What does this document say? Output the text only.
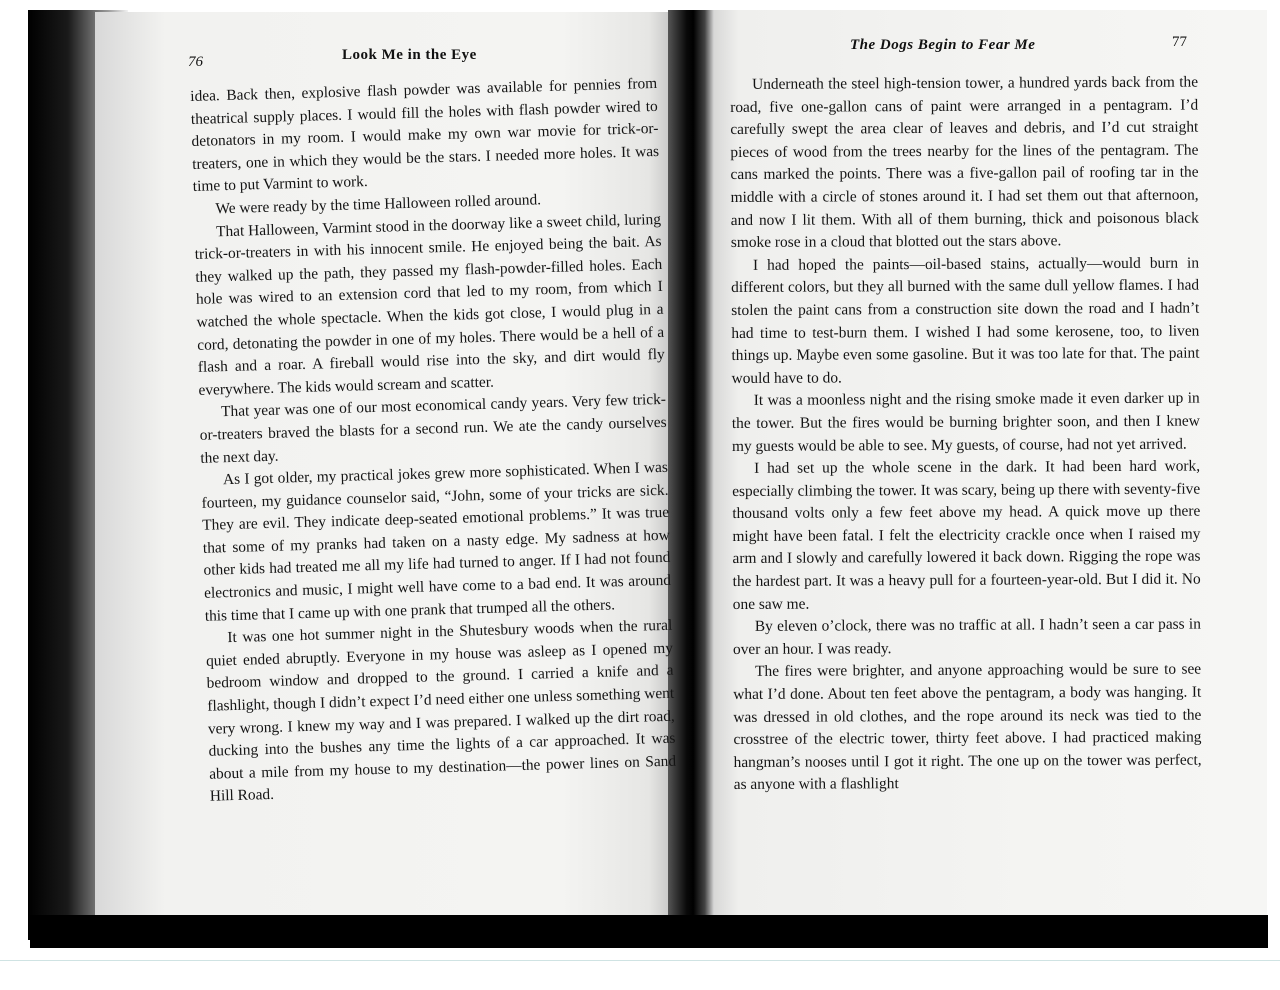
76	Look Me in the Eye
The Dogs Begin to Fear Me	77

idea. Back then, explosive flash powder was available for pennies from theatrical supply places. I would fill the holes with flash powder wired to detonators in my room. I would make my own war movie for trick-or-treaters, one in which they would be the stars. I needed more holes. It was time to put Varmint to work.

We were ready by the time Halloween rolled around.

That Halloween, Varmint stood in the doorway like a sweet child, luring trick-or-treaters in with his innocent smile. He enjoyed being the bait. As they walked up the path, they passed my flash-powder-filled holes. Each hole was wired to an extension cord that led to my room, from which I watched the whole spectacle. When the kids got close, I would plug in a cord, detonating the powder in one of my holes. There would be a hell of a flash and a roar. A fireball would rise into the sky, and dirt would fly everywhere. The kids would scream and scatter.

That year was one of our most economical candy years. Very few trick-or-treaters braved the blasts for a second run. We ate the candy ourselves the next day.

As I got older, my practical jokes grew more sophisticated. When I was fourteen, my guidance counselor said, “John, some of your tricks are sick. They are evil. They indicate deep-seated emotional problems.” It was true that some of my pranks had taken on a nasty edge. My sadness at how other kids had treated me all my life had turned to anger. If I had not found electronics and music, I might well have come to a bad end. It was around this time that I came up with one prank that trumped all the others.

It was one hot summer night in the Shutesbury woods when the rural quiet ended abruptly. Everyone in my house was asleep as I opened my bedroom window and dropped to the ground. I carried a knife and a flashlight, though I didn’t expect I’d need either one unless something went very wrong. I knew my way and I was prepared. I walked up the dirt road, ducking into the bushes any time the lights of a car approached. It was about a mile from my house to my destination—the power lines on Sand Hill Road.

Underneath the steel high-tension tower, a hundred yards back from the road, five one-gallon cans of paint were arranged in a pentagram. I’d carefully swept the area clear of leaves and debris, and I’d cut straight pieces of wood from the trees nearby for the lines of the pentagram. The cans marked the points. There was a five-gallon pail of roofing tar in the middle with a circle of stones around it. I had set them out that afternoon, and now I lit them. With all of them burning, thick and poisonous black smoke rose in a cloud that blotted out the stars above.

I had hoped the paints—oil-based stains, actually—would burn in different colors, but they all burned with the same dull yellow flames. I had stolen the paint cans from a construction site down the road and I hadn’t had time to test-burn them. I wished I had some kerosene, too, to liven things up. Maybe even some gasoline. But it was too late for that. The paint would have to do.

It was a moonless night and the rising smoke made it even darker up in the tower. But the fires would be burning brighter soon, and then I knew my guests would be able to see. My guests, of course, had not yet arrived.

I had set up the whole scene in the dark. It had been hard work, especially climbing the tower. It was scary, being up there with seventy-five thousand volts only a few feet above my head. A quick move up there might have been fatal. I felt the electricity crackle once when I raised my arm and I slowly and carefully lowered it back down. Rigging the rope was the hardest part. It was a heavy pull for a fourteen-year-old. But I did it. No one saw me.

By eleven o’clock, there was no traffic at all. I hadn’t seen a car pass in over an hour. I was ready.

The fires were brighter, and anyone approaching would be sure to see what I’d done. About ten feet above the pentagram, a body was hanging. It was dressed in old clothes, and the rope around its neck was tied to the crosstree of the electric tower, thirty feet above. I had practiced making hangman’s nooses until I got it right. The one up on the tower was perfect, as anyone with a flashlight
